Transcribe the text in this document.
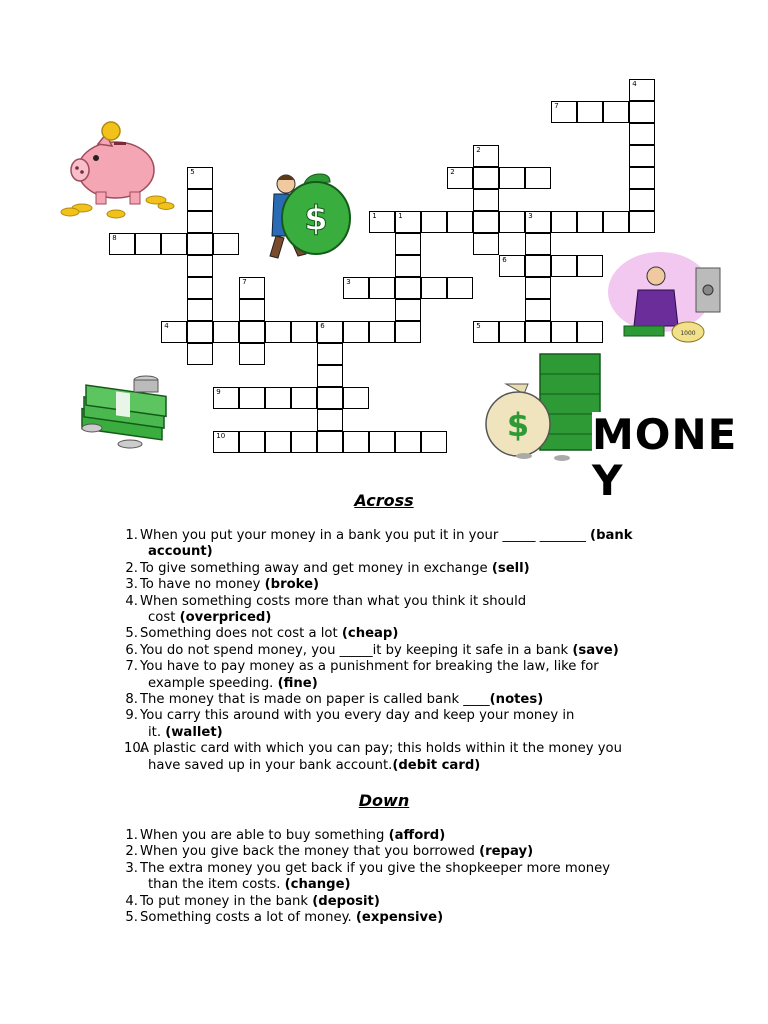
7
4
2
2
5
1	1	3
8
6
3
7
4	6	5
9
10
$
1000
$ MONEY
Across
1. When you put your money in a bank you put it in your _____ _______ (bank
account)
2. To give something away and get money in exchange (sell)
3. To have no money (broke)
4. When something costs more than what you think it should
cost (overpriced)
5. Something does not cost a lot (cheap)
6. You do not spend money, you _____it by keeping it safe in a bank (save)
7. You have to pay money as a punishment for breaking the law, like for
example speeding. (fine)
8. The money that is made on paper is called bank ____(notes)
9. You carry this around with you every day and keep your money in
it. (wallet)
10.
A plastic card with which you can pay; this holds within it the money you
have saved up in your bank account.(debit card)
Down
1. When you are able to buy something (afford)
2. When you give back the money that you borrowed (repay)
3. The extra money you get back if you give the shopkeeper more money
than the item costs. (change)
4. To put money in the bank (deposit)
5. Something costs a lot of money. (expensive)
